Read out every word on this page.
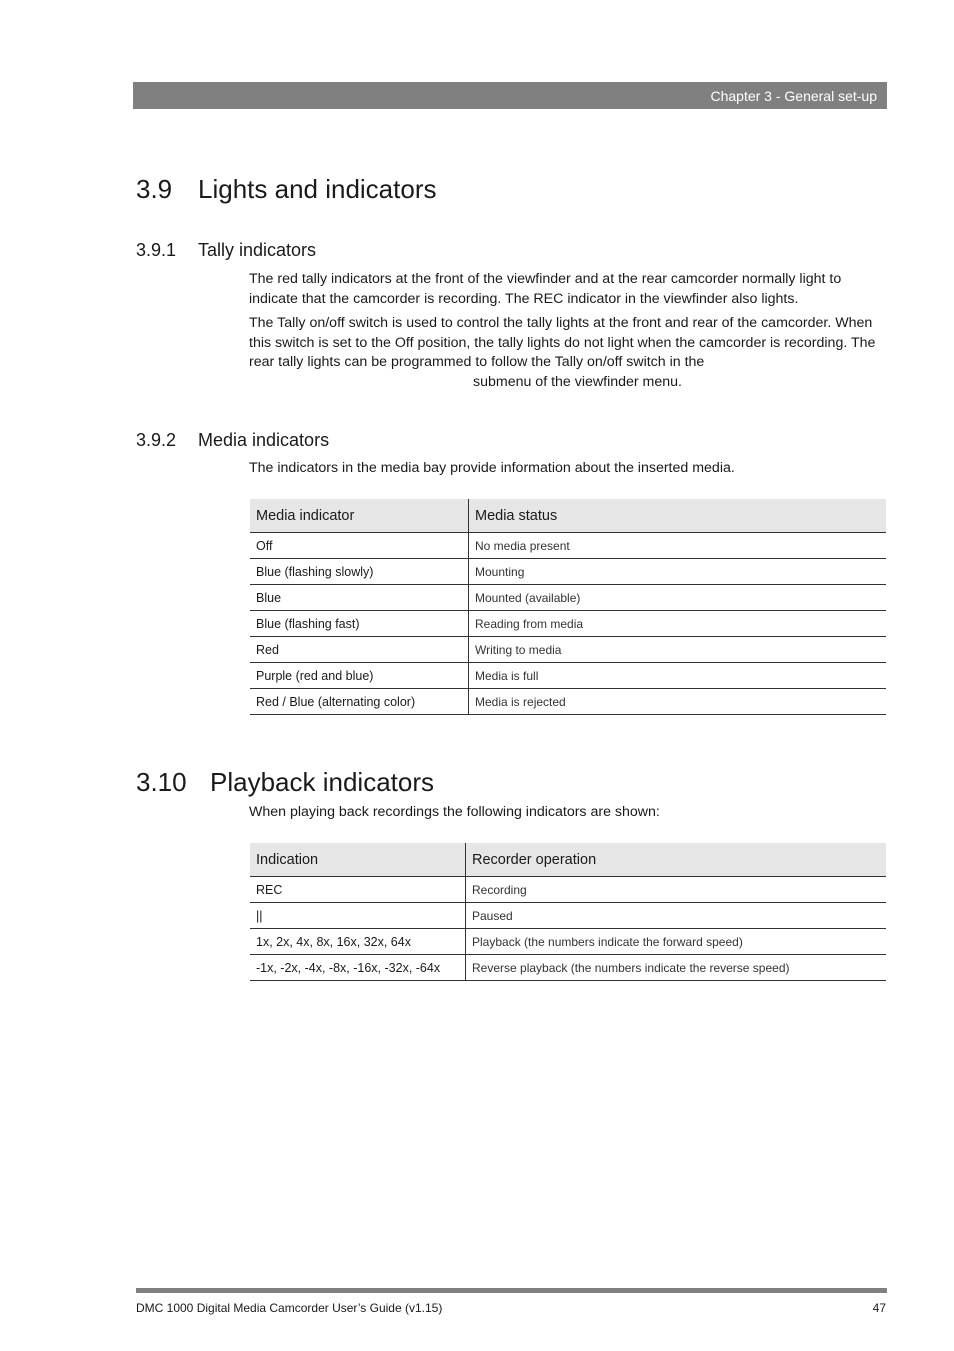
Chapter 3 - General set-up
3.9 Lights and indicators
3.9.1 Tally indicators

The red tally indicators at the front of the viewfinder and at the rear camcorder normally light to indicate that the camcorder is recording. The REC indicator in the viewfinder also lights.

The Tally on/off switch is used to control the tally lights at the front and rear of the camcorder. When this switch is set to the Off position, the tally lights do not light when the camcorder is recording. The rear tally lights can be programmed to follow the Tally on/off switch in the
submenu of the viewfinder menu.

3.9.2 Media indicators

The indicators in the media bay provide information about the inserted media.

Media indicator	Media status
Off	No media present
Blue (flashing slowly)	Mounting
Blue	Mounted (available)
Blue (flashing fast)	Reading from media
Red	Writing to media
Purple (red and blue)	Media is full
Red / Blue (alternating color)	Media is rejected
3.10 Playback indicators

When playing back recordings the following indicators are shown:

Indication	Recorder operation
REC	Recording
||	Paused
1x, 2x, 4x, 8x, 16x, 32x, 64x	Playback (the numbers indicate the forward speed)
-1x, -2x, -4x, -8x, -16x, -32x, -64x	Reverse playback (the numbers indicate the reverse speed)
DMC 1000 Digital Media Camcorder User’s Guide (v1.15)	47
